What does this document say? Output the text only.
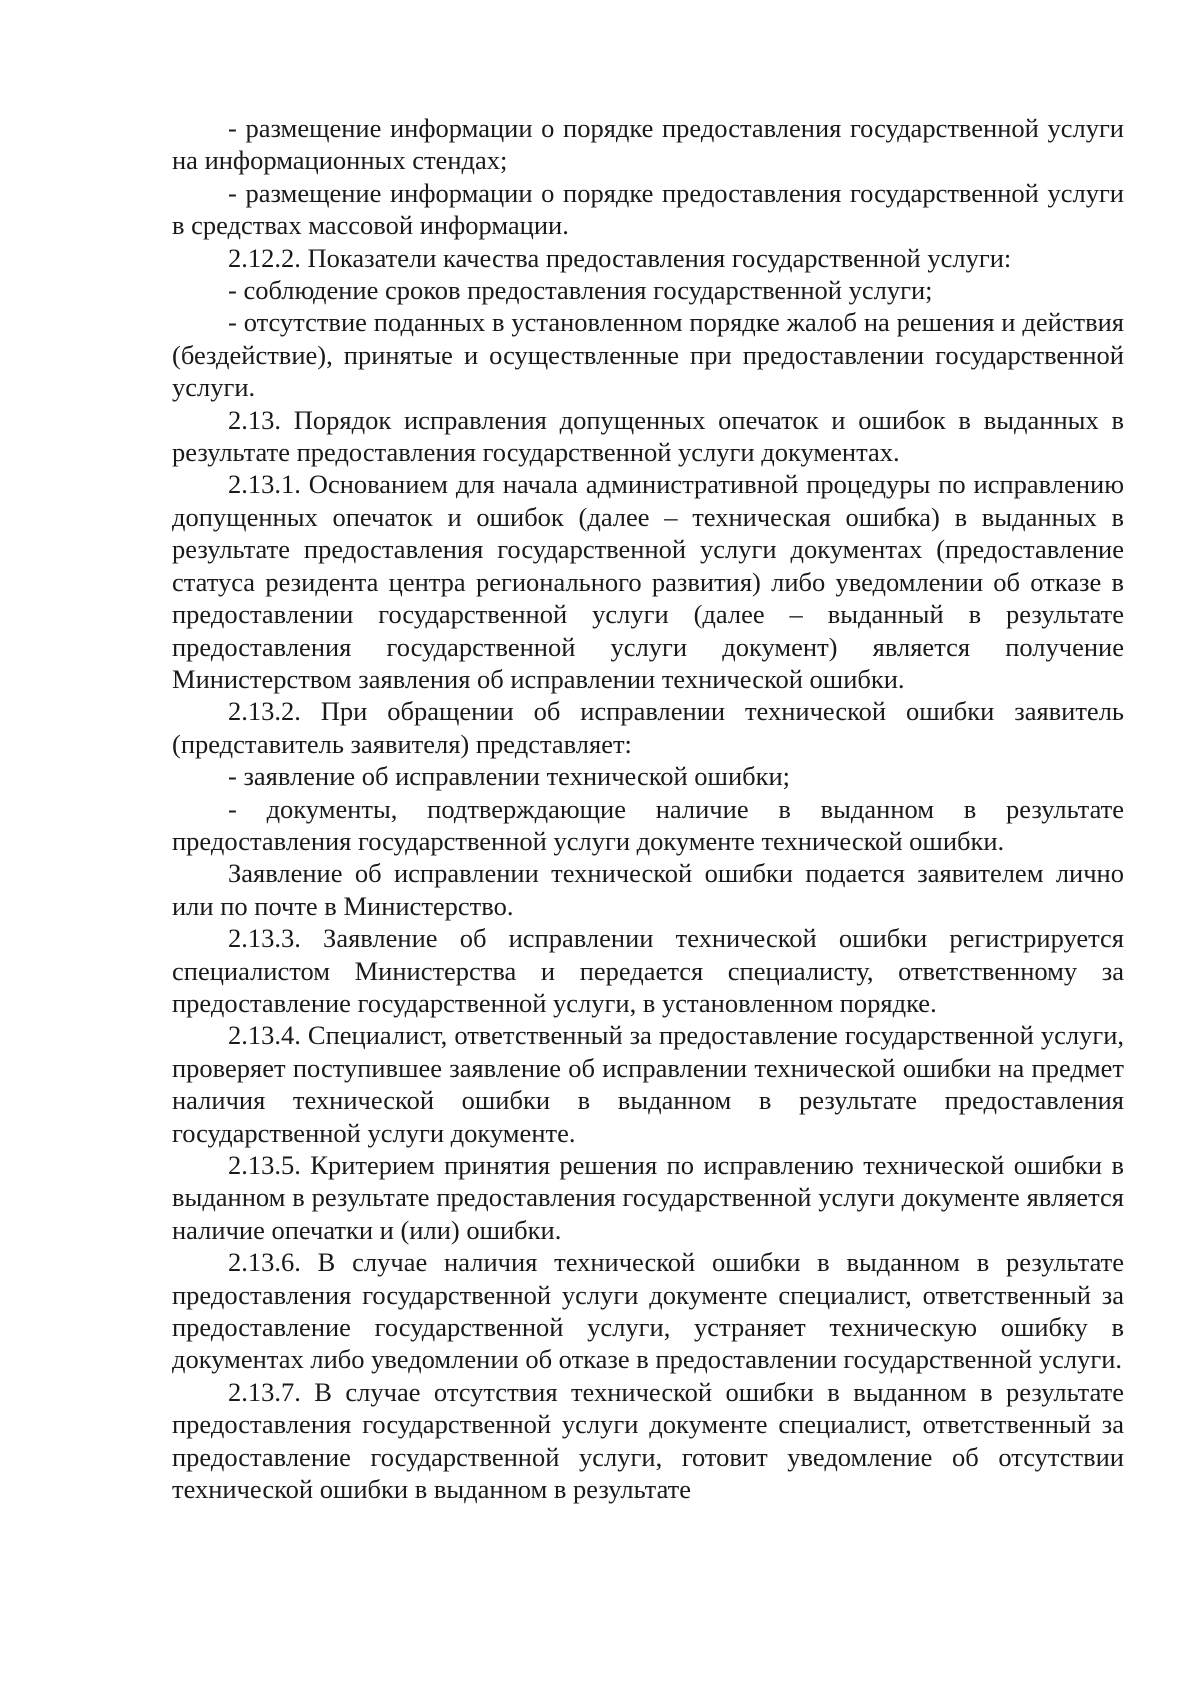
- размещение информации о порядке предоставления государственной услуги на информационных стендах;

- размещение информации о порядке предоставления государственной услуги в средствах массовой информации.

2.12.2. Показатели качества предоставления государственной услуги:

- соблюдение сроков предоставления государственной услуги;

- отсутствие поданных в установленном порядке жалоб на решения и действия (бездействие), принятые и осуществленные при предоставлении государственной услуги.

2.13. Порядок исправления допущенных опечаток и ошибок в выданных в результате предоставления государственной услуги документах.

2.13.1. Основанием для начала административной процедуры по исправлению допущенных опечаток и ошибок (далее – техническая ошибка) в выданных в результате предоставления государственной услуги документах (предоставление статуса резидента центра регионального развития) либо уведомлении об отказе в предоставлении государственной услуги (далее – выданный в результате предоставления государственной услуги документ) является получение Министерством заявления об исправлении технической ошибки.

2.13.2. При обращении об исправлении технической ошибки заявитель (представитель заявителя) представляет:

- заявление об исправлении технической ошибки;

- документы, подтверждающие наличие в выданном в результате предоставления государственной услуги документе технической ошибки.

Заявление об исправлении технической ошибки подается заявителем лично или по почте в Министерство.

2.13.3. Заявление об исправлении технической ошибки регистрируется специалистом Министерства и передается специалисту, ответственному за предоставление государственной услуги, в установленном порядке.

2.13.4. Специалист, ответственный за предоставление государственной услуги, проверяет поступившее заявление об исправлении технической ошибки на предмет наличия технической ошибки в выданном в результате предоставления государственной услуги документе.

2.13.5. Критерием принятия решения по исправлению технической ошибки в выданном в результате предоставления государственной услуги документе является наличие опечатки и (или) ошибки.

2.13.6. В случае наличия технической ошибки в выданном в результате предоставления государственной услуги документе специалист, ответственный за предоставление государственной услуги, устраняет техническую ошибку в документах либо уведомлении об отказе в предоставлении государственной услуги.

2.13.7. В случае отсутствия технической ошибки в выданном в результате предоставления государственной услуги документе специалист, ответственный за предоставление государственной услуги, готовит уведомление об отсутствии технической ошибки в выданном в результате
